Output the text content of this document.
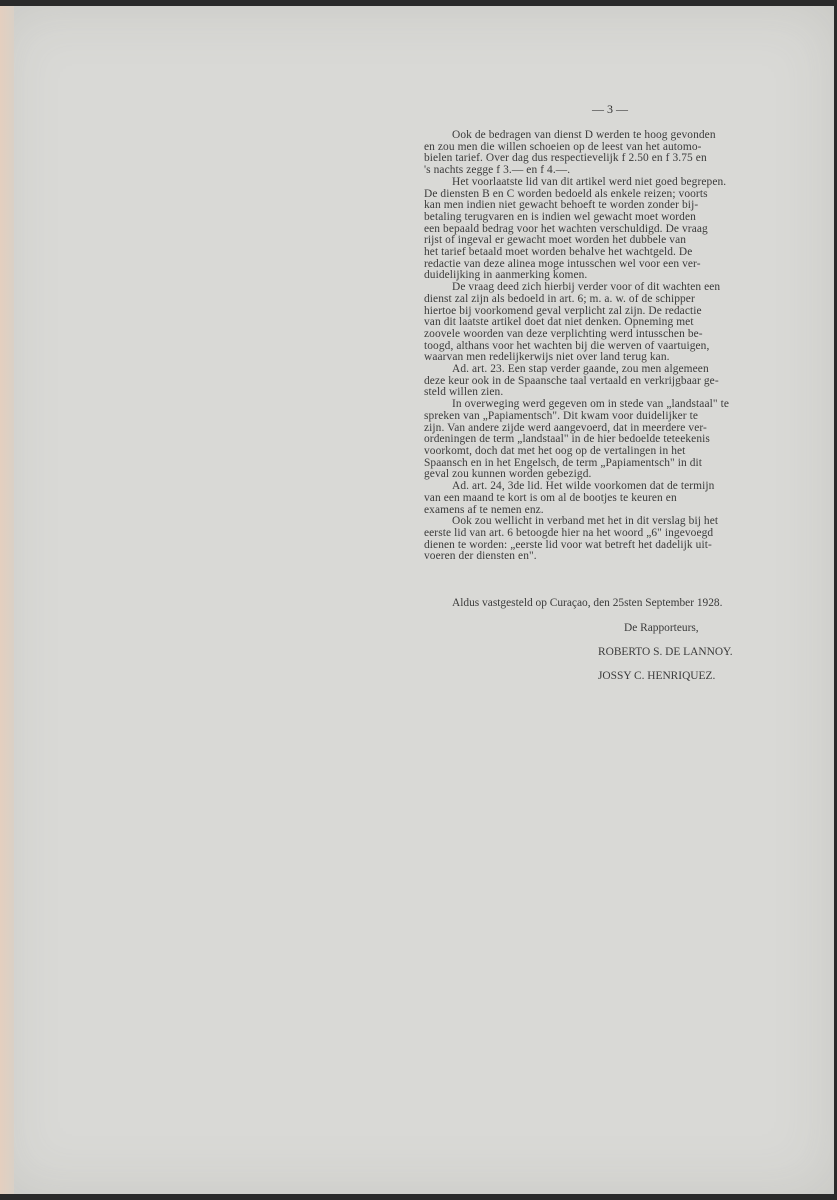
— 3 —
Ook de bedragen van dienst D werden te hoog gevonden
en zou men die willen schoeien op de leest van het automo-
bielen tarief. Over dag dus respectievelijk f 2.50 en f 3.75 en
's nachts zegge f 3.— en f 4.—.
Het voorlaatste lid van dit artikel werd niet goed begrepen.
De diensten B en C worden bedoeld als enkele reizen; voorts
kan men indien niet gewacht behoeft te worden zonder bij-
betaling terugvaren en is indien wel gewacht moet worden
een bepaald bedrag voor het wachten verschuldigd. De vraag
rijst of ingeval er gewacht moet worden het dubbele van
het tarief betaald moet worden behalve het wachtgeld. De
redactie van deze alinea moge intusschen wel voor een ver-
duidelijking in aanmerking komen.
De vraag deed zich hierbij verder voor of dit wachten een
dienst zal zijn als bedoeld in art. 6; m. a. w. of de schipper
hiertoe bij voorkomend geval verplicht zal zijn. De redactie
van dit laatste artikel doet dat niet denken. Opneming met
zoovele woorden van deze verplichting werd intusschen be-
toogd, althans voor het wachten bij die werven of vaartuigen,
waarvan men redelijkerwijs niet over land terug kan.
Ad. art. 23. Een stap verder gaande, zou men algemeen
deze keur ook in de Spaansche taal vertaald en verkrijgbaar ge-
steld willen zien.
In overweging werd gegeven om in stede van „landstaal" te
spreken van „Papiamentsch". Dit kwam voor duidelijker te
zijn. Van andere zijde werd aangevoerd, dat in meerdere ver-
ordeningen de term „landstaal" in de hier bedoelde teteekenis
voorkomt, doch dat met het oog op de vertalingen in het
Spaansch en in het Engelsch, de term „Papiamentsch" in dit
geval zou kunnen worden gebezigd.
Ad. art. 24, 3de lid. Het wilde voorkomen dat de termijn
van een maand te kort is om al de bootjes te keuren en
examens af te nemen enz.
Ook zou wellicht in verband met het in dit verslag bij het
eerste lid van art. 6 betoogde hier na het woord „6" ingevoegd
dienen te worden: „eerste lid voor wat betreft het dadelijk uit-
voeren der diensten en".
Aldus vastgesteld op Curaçao, den 25sten September 1928.
De Rapporteurs,
ROBERTO S. DE LANNOY.
JOSSY C. HENRIQUEZ.
